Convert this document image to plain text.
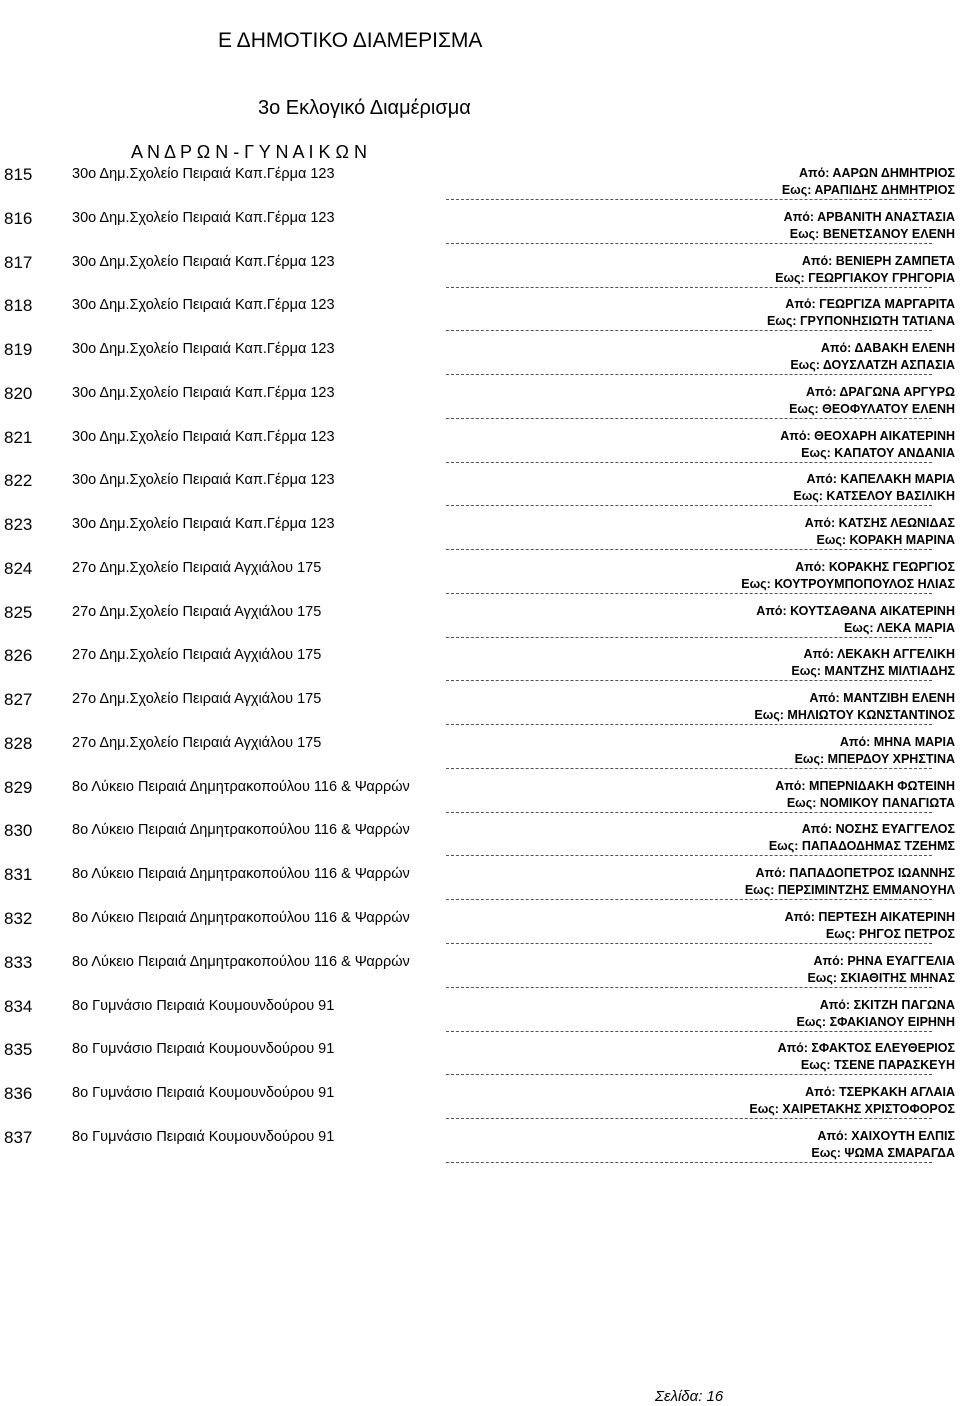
Ε ΔΗΜΟΤΙΚΟ ΔΙΑΜΕΡΙΣΜΑ
3ο Εκλογικό Διαμέρισμα
Α Ν Δ Ρ Ω Ν - Γ Υ Ν Α Ι Κ Ω Ν
815	30ο Δημ.Σχολείο Πειραιά Καπ.Γέρμα 123	Από: ΑΑΡΩΝ ΔΗΜΗΤΡΙΟΣ
Εως: ΑΡΑΠΙΔΗΣ ΔΗΜΗΤΡΙΟΣ
816	30ο Δημ.Σχολείο Πειραιά Καπ.Γέρμα 123	Από: ΑΡΒΑΝΙΤΗ ΑΝΑΣΤΑΣΙΑ
Εως: ΒΕΝΕΤΣΑΝΟΥ ΕΛΕΝΗ
817	30ο Δημ.Σχολείο Πειραιά Καπ.Γέρμα 123	Από: ΒΕΝΙΕΡΗ ΖΑΜΠΕΤΑ
Εως: ΓΕΩΡΓΙΑΚΟΥ ΓΡΗΓΟΡΙΑ
818	30ο Δημ.Σχολείο Πειραιά Καπ.Γέρμα 123	Από: ΓΕΩΡΓΙΖΑ ΜΑΡΓΑΡΙΤΑ
Εως: ΓΡΥΠΟΝΗΣΙΩΤΗ ΤΑΤΙΑΝΑ
819	30ο Δημ.Σχολείο Πειραιά Καπ.Γέρμα 123	Από: ΔΑΒΑΚΗ ΕΛΕΝΗ
Εως: ΔΟΥΣΛΑΤΖΗ ΑΣΠΑΣΙΑ
820	30ο Δημ.Σχολείο Πειραιά Καπ.Γέρμα 123	Από: ΔΡΑΓΩΝΑ ΑΡΓΥΡΩ
Εως: ΘΕΟΦΥΛΑΤΟΥ ΕΛΕΝΗ
821	30ο Δημ.Σχολείο Πειραιά Καπ.Γέρμα 123	Από: ΘΕΟΧΑΡΗ ΑΙΚΑΤΕΡΙΝΗ
Εως: ΚΑΠΑΤΟΥ ΑΝΔΑΝΙΑ
822	30ο Δημ.Σχολείο Πειραιά Καπ.Γέρμα 123	Από: ΚΑΠΕΛΑΚΗ ΜΑΡΙΑ
Εως: ΚΑΤΣΕΛΟΥ ΒΑΣΙΛΙΚΗ
823	30ο Δημ.Σχολείο Πειραιά Καπ.Γέρμα 123	Από: ΚΑΤΣΗΣ ΛΕΩΝΙΔΑΣ
Εως: ΚΟΡΑΚΗ ΜΑΡΙΝΑ
824	27ο Δημ.Σχολείο Πειραιά Αγχιάλου 175	Από: ΚΟΡΑΚΗΣ ΓΕΩΡΓΙΟΣ
Εως: ΚΟΥΤΡΟΥΜΠΟΠΟΥΛΟΣ ΗΛΙΑΣ
825	27ο Δημ.Σχολείο Πειραιά Αγχιάλου 175	Από: ΚΟΥΤΣΑΘΑΝΑ ΑΙΚΑΤΕΡΙΝΗ
Εως: ΛΕΚΑ ΜΑΡΙΑ
826	27ο Δημ.Σχολείο Πειραιά Αγχιάλου 175	Από: ΛΕΚΑΚΗ ΑΓΓΕΛΙΚΗ
Εως: ΜΑΝΤΖΗΣ ΜΙΛΤΙΑΔΗΣ
827	27ο Δημ.Σχολείο Πειραιά Αγχιάλου 175	Από: ΜΑΝΤΖΙΒΗ ΕΛΕΝΗ
Εως: ΜΗΛΙΩΤΟΥ ΚΩΝΣΤΑΝΤΙΝΟΣ
828	27ο Δημ.Σχολείο Πειραιά Αγχιάλου 175	Από: ΜΗΝΑ ΜΑΡΙΑ
Εως: ΜΠΕΡΔΟΥ ΧΡΗΣΤΙΝΑ
829	8ο Λύκειο Πειραιά Δημητρακοπούλου 116 & Ψαρρών	Από: ΜΠΕΡΝΙΔΑΚΗ ΦΩΤΕΙΝΗ
Εως: ΝΟΜΙΚΟΥ ΠΑΝΑΓΙΩΤΑ
830	8ο Λύκειο Πειραιά Δημητρακοπούλου 116 & Ψαρρών	Από: ΝΟΣΗΣ ΕΥΑΓΓΕΛΟΣ
Εως: ΠΑΠΑΔΟΔΗΜΑΣ ΤΖΕΗΜΣ
831	8ο Λύκειο Πειραιά Δημητρακοπούλου 116 & Ψαρρών	Από: ΠΑΠΑΔΟΠΕΤΡΟΣ ΙΩΑΝΝΗΣ
Εως: ΠΕΡΣΙΜΙΝΤΖΗΣ ΕΜΜΑΝΟΥΗΛ
832	8ο Λύκειο Πειραιά Δημητρακοπούλου 116 & Ψαρρών	Από: ΠΕΡΤΕΣΗ ΑΙΚΑΤΕΡΙΝΗ
Εως: ΡΗΓΟΣ ΠΕΤΡΟΣ
833	8ο Λύκειο Πειραιά Δημητρακοπούλου 116 & Ψαρρών	Από: ΡΗΝΑ ΕΥΑΓΓΕΛΙΑ
Εως: ΣΚΙΑΘΙΤΗΣ ΜΗΝΑΣ
834	8ο Γυμνάσιο Πειραιά Κουμουνδούρου 91	Από: ΣΚΙΤΖΗ ΠΑΓΩΝΑ
Εως: ΣΦΑΚΙΑΝΟΥ ΕΙΡΗΝΗ
835	8ο Γυμνάσιο Πειραιά Κουμουνδούρου 91	Από: ΣΦΑΚΤΟΣ ΕΛΕΥΘΕΡΙΟΣ
Εως: ΤΣΕΝΕ ΠΑΡΑΣΚΕΥΗ
836	8ο Γυμνάσιο Πειραιά Κουμουνδούρου 91	Από: ΤΣΕΡΚΑΚΗ ΑΓΛΑΙΑ
Εως: ΧΑΙΡΕΤΑΚΗΣ ΧΡΙΣΤΟΦΟΡΟΣ
837	8ο Γυμνάσιο Πειραιά Κουμουνδούρου 91	Από: ΧΑΙΧΟΥΤΗ ΕΛΠΙΣ
Εως: ΨΩΜΑ ΣΜΑΡΑΓΔΑ
Σελίδα: 16
